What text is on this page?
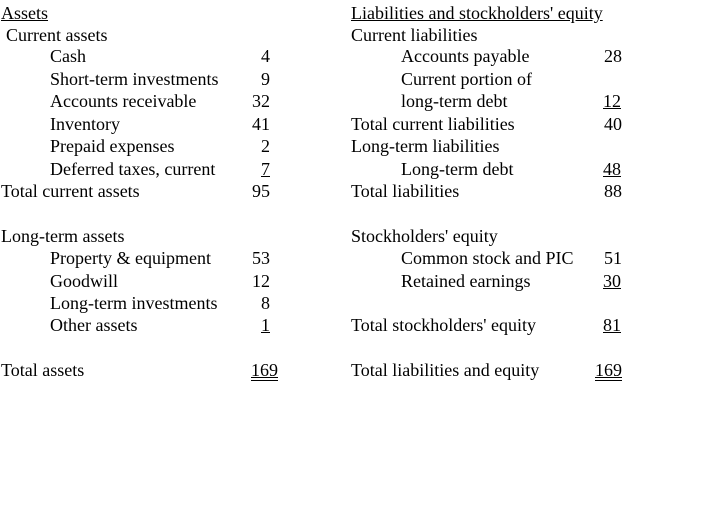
Assets
Current assets
Cash	4
Short-term investments	9
Accounts receivable	32
Inventory	41
Prepaid expenses	2
Deferred taxes, current	7
Total current assets	95
Long-term assets
Property & equipment	53
Goodwill	12
Long-term investments	8
Other assets	1
Total assets	169
Liabilities and stockholders' equity
Current liabilities
Accounts payable	28
Current portion of
long-term debt	12
Total current liabilities	40
Long-term liabilities
Long-term debt	48
Total liabilities	88
Stockholders' equity
Common stock and PIC	51
Retained earnings	30
Total stockholders' equity	81
Total liabilities and equity	169
